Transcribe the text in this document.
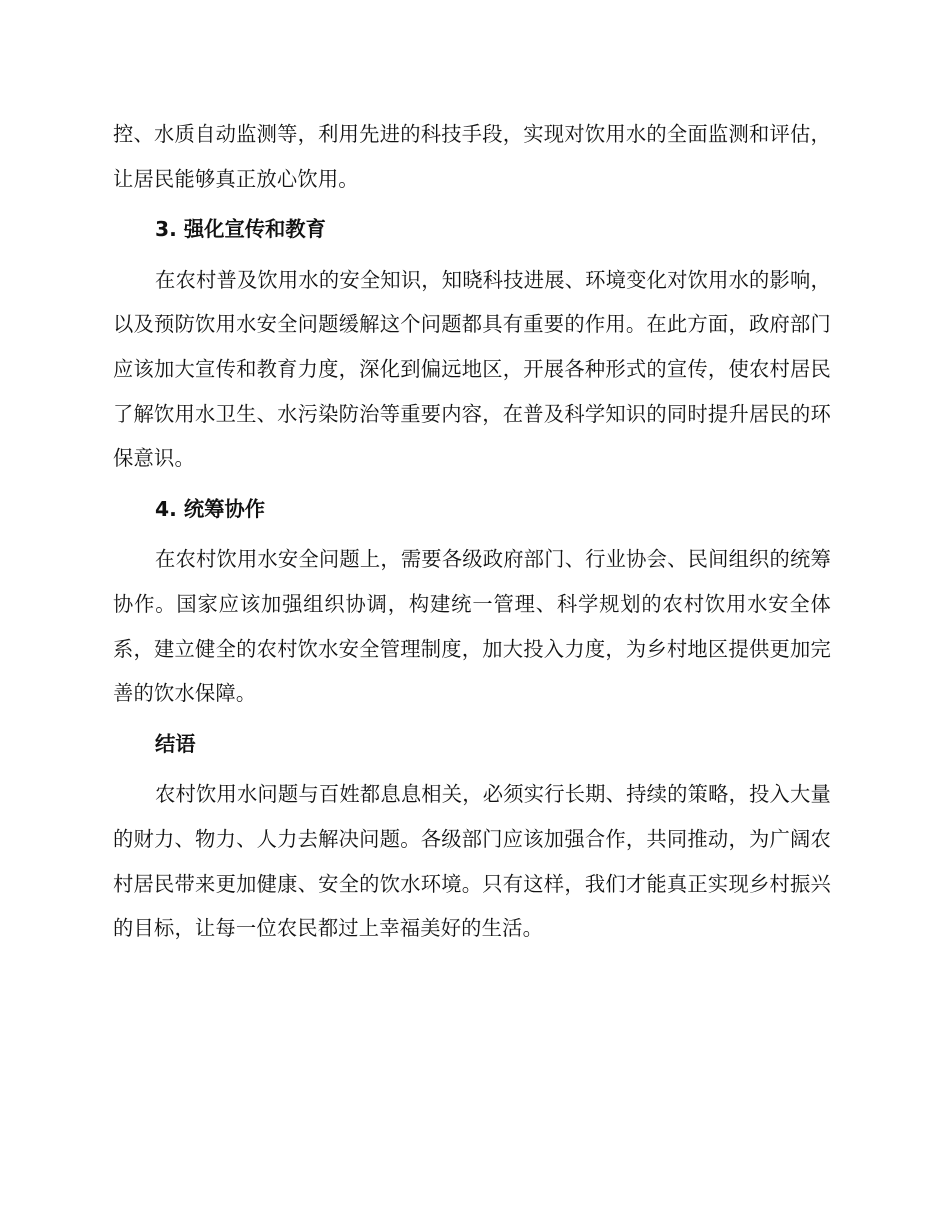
控、水质自动监测等，利用先进的科技手段，实现对饮用水的全面监测和评估，让居民能够真正放心饮用。

3. 强化宣传和教育

在农村普及饮用水的安全知识，知晓科技进展、环境变化对饮用水的影响，以及预防饮用水安全问题缓解这个问题都具有重要的作用。在此方面，政府部门应该加大宣传和教育力度，深化到偏远地区，开展各种形式的宣传，使农村居民了解饮用水卫生、水污染防治等重要内容，在普及科学知识的同时提升居民的环保意识。

4. 统筹协作

在农村饮用水安全问题上，需要各级政府部门、行业协会、民间组织的统筹协作。国家应该加强组织协调，构建统一管理、科学规划的农村饮用水安全体系，建立健全的农村饮水安全管理制度，加大投入力度，为乡村地区提供更加完善的饮水保障。

结语

农村饮用水问题与百姓都息息相关，必须实行长期、持续的策略，投入大量的财力、物力、人力去解决问题。各级部门应该加强合作，共同推动，为广阔农村居民带来更加健康、安全的饮水环境。只有这样，我们才能真正实现乡村振兴的目标，让每一位农民都过上幸福美好的生活。
